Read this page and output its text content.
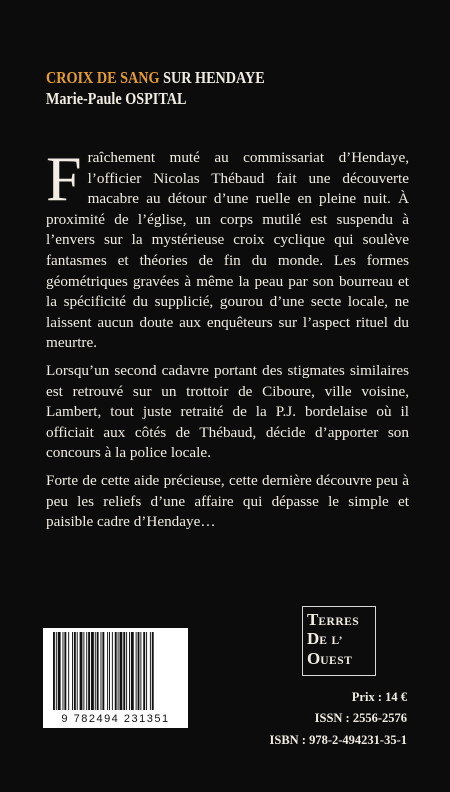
CROIX DE SANG SUR HENDAYE
Marie-Paule OSPITAL

Fraîchement muté au commissariat d’Hendaye, l’officier Nicolas Thébaud fait une découverte macabre au détour d’une ruelle en pleine nuit. À proximité de l’église, un corps mutilé est suspendu à l’envers sur la mystérieuse croix cyclique qui soulève fantasmes et théories de fin du monde. Les formes géométriques gravées à même la peau par son bourreau et la spécificité du supplicié, gourou d’une secte locale, ne laissent aucun doute aux enquêteurs sur l’aspect rituel du meurtre.

Lorsqu’un second cadavre portant des stigmates similaires est retrouvé sur un trottoir de Ciboure, ville voisine, Lambert, tout juste retraité de la P.J. bordelaise où il officiait aux côtés de Thébaud, décide d’apporter son concours à la police locale.

Forte de cette aide précieuse, cette dernière découvre peu à peu les reliefs d’une affaire qui dépasse le simple et paisible cadre d’Hendaye…

9 782494 231351
TERRES
DE L’
OUEST
Prix : 14 €
ISSN : 2556-2576
ISBN : 978-2-494231-35-1
